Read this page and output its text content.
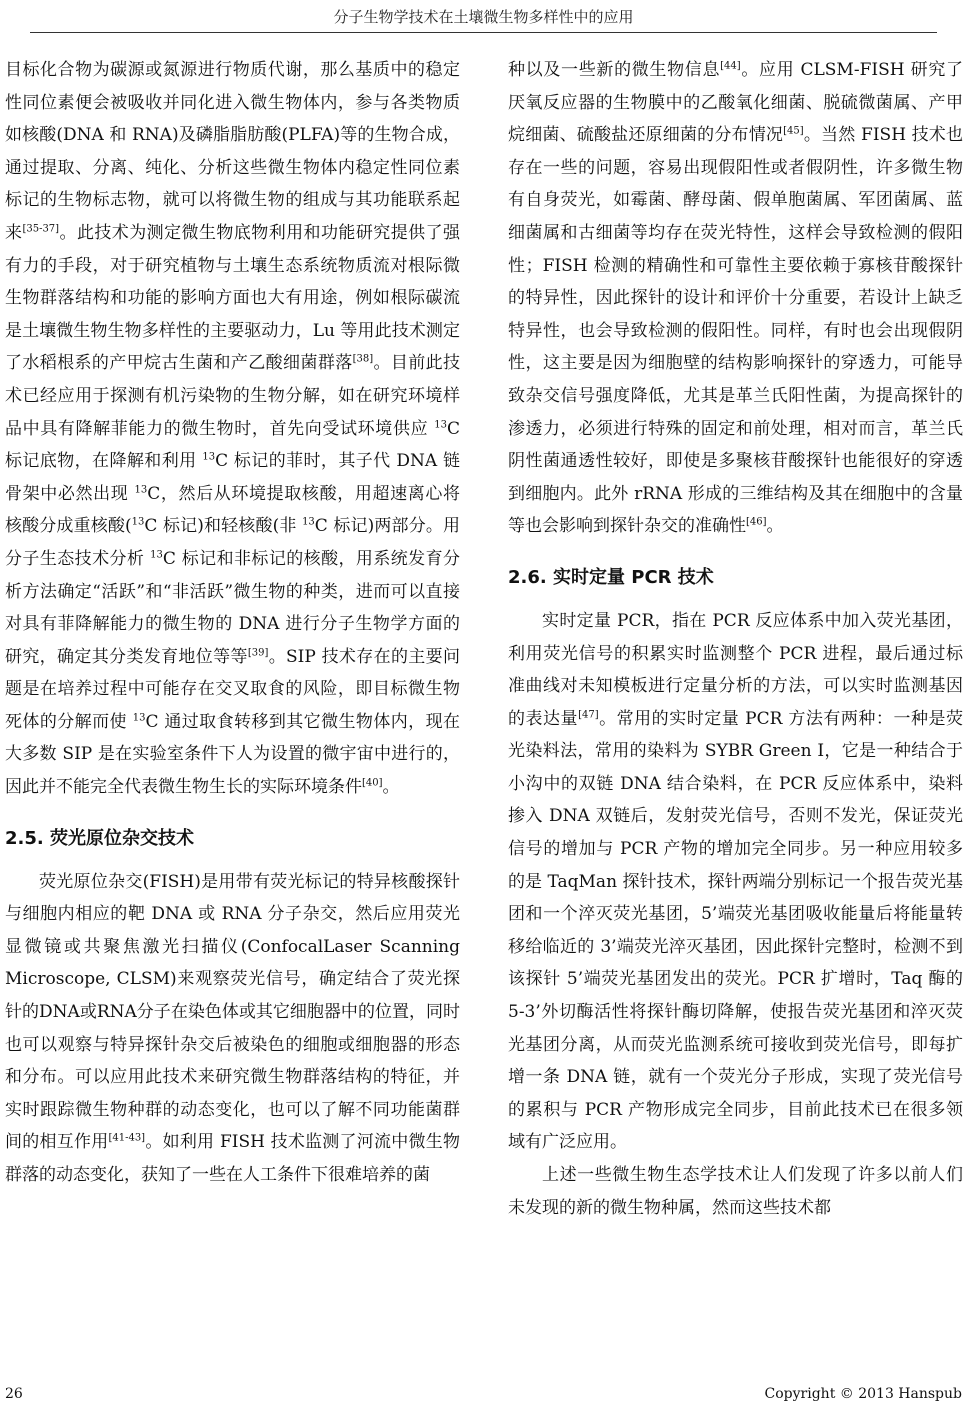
分子生物学技术在土壤微生物多样性中的应用

目标化合物为碳源或氮源进行物质代谢，那么基质中的稳定性同位素便会被吸收并同化进入微生物体内，参与各类物质如核酸(DNA 和 RNA)及磷脂脂肪酸(PLFA)等的生物合成，通过提取、分离、纯化、分析这些微生物体内稳定性同位素标记的生物标志物，就可以将微生物的组成与其功能联系起来[35-37]。此技术为测定微生物底物利用和功能研究提供了强有力的手段，对于研究植物与土壤生态系统物质流对根际微生物群落结构和功能的影响方面也大有用途，例如根际碳流是土壤微生物生物多样性的主要驱动力，Lu 等用此技术测定了水稻根系的产甲烷古生菌和产乙酸细菌群落[38]。目前此技术已经应用于探测有机污染物的生物分解，如在研究环境样品中具有降解菲能力的微生物时，首先向受试环境供应 $^{13}$C 标记底物，在降解和利用 $^{13}$C 标记的菲时，其子代 DNA 链骨架中必然出现 $^{13}$C，然后从环境提取核酸，用超速离心将核酸分成重核酸($^{13}$C 标记)和轻核酸(非 $^{13}$C 标记)两部分。用分子生态技术分析 $^{13}$C 标记和非标记的核酸，用系统发育分析方法确定“活跃”和“非活跃”微生物的种类，进而可以直接对具有菲降解能力的微生物的 DNA 进行分子生物学方面的研究，确定其分类发育地位等等[39]。SIP 技术存在的主要问题是在培养过程中可能存在交叉取食的风险，即目标微生物死体的分解而使 $^{13}$C 通过取食转移到其它微生物体内，现在大多数 SIP 是在实验室条件下人为设置的微宇宙中进行的，因此并不能完全代表微生物生长的实际环境条件[40]。

2.5. 荧光原位杂交技术

荧光原位杂交(FISH)是用带有荧光标记的特异核酸探针与细胞内相应的靶 DNA 或 RNA 分子杂交，然后应用荧光显微镜或共聚焦激光扫描仪(ConfocalLaser Scanning Microscope, CLSM)来观察荧光信号，确定结合了荧光探针的DNA或RNA分子在染色体或其它细胞器中的位置，同时也可以观察与特异探针杂交后被染色的细胞或细胞器的形态和分布。可以应用此技术来研究微生物群落结构的特征，并实时跟踪微生物种群的动态变化，也可以了解不同功能菌群间的相互作用[41-43]。如利用 FISH 技术监测了河流中微生物群落的动态变化，获知了一些在人工条件下很难培养的菌

种以及一些新的微生物信息[44]。应用 CLSM-FISH 研究了厌氧反应器的生物膜中的乙酸氧化细菌、脱硫微菌属、产甲烷细菌、硫酸盐还原细菌的分布情况[45]。当然 FISH 技术也存在一些的问题，容易出现假阳性或者假阴性，许多微生物有自身荧光，如霉菌、酵母菌、假单胞菌属、军团菌属、蓝细菌属和古细菌等均存在荧光特性，这样会导致检测的假阳性；FISH 检测的精确性和可靠性主要依赖于寡核苷酸探针的特异性，因此探针的设计和评价十分重要，若设计上缺乏特异性，也会导致检测的假阳性。同样，有时也会出现假阴性，这主要是因为细胞壁的结构影响探针的穿透力，可能导致杂交信号强度降低，尤其是革兰氏阳性菌，为提高探针的渗透力，必须进行特殊的固定和前处理，相对而言，革兰氏阴性菌通透性较好，即使是多聚核苷酸探针也能很好的穿透到细胞内。此外 rRNA 形成的三维结构及其在细胞中的含量等也会影响到探针杂交的准确性[46]。

2.6. 实时定量 PCR 技术

实时定量 PCR，指在 PCR 反应体系中加入荧光基团，利用荧光信号的积累实时监测整个 PCR 进程，最后通过标准曲线对未知模板进行定量分析的方法，可以实时监测基因的表达量[47]。常用的实时定量 PCR 方法有两种：一种是荧光染料法，常用的染料为 SYBR Green I，它是一种结合于小沟中的双链 DNA 结合染料，在 PCR 反应体系中，染料掺入 DNA 双链后，发射荧光信号，否则不发光，保证荧光信号的增加与 PCR 产物的增加完全同步。另一种应用较多的是 TaqMan 探针技术，探针两端分别标记一个报告荧光基团和一个淬灭荧光基团，5’端荧光基团吸收能量后将能量转移给临近的 3’端荧光淬灭基团，因此探针完整时，检测不到该探针 5’端荧光基团发出的荧光。PCR 扩增时，Taq 酶的 5-3’外切酶活性将探针酶切降解，使报告荧光基团和淬灭荧光基团分离，从而荧光监测系统可接收到荧光信号，即每扩增一条 DNA 链，就有一个荧光分子形成，实现了荧光信号的累积与 PCR 产物形成完全同步，目前此技术已在很多领域有广泛应用。

上述一些微生物生态学技术让人们发现了许多以前人们未发现的新的微生物种属，然而这些技术都

26	Copyright © 2013 Hanspub
